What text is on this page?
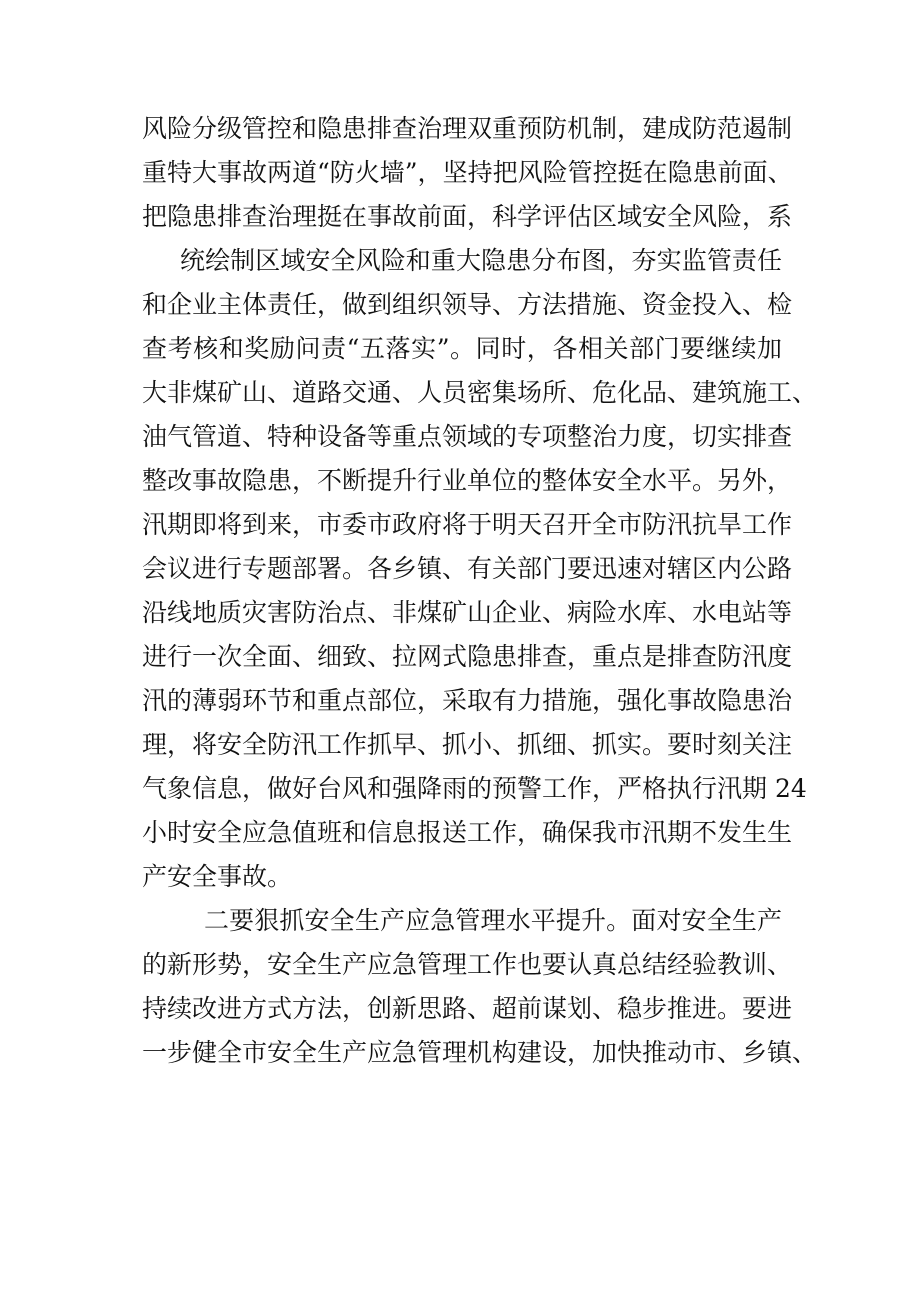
风险分级管控和隐患排查治理双重预防机制，建成防范遏制
重特大事故两道“防火墙”，坚持把风险管控挺在隐患前面、
把隐患排查治理挺在事故前面，科学评估区域安全风险，系
统绘制区域安全风险和重大隐患分布图，夯实监管责任
和企业主体责任，做到组织领导、方法措施、资金投入、检
查考核和奖励问责“五落实”。同时，各相关部门要继续加
大非煤矿山、道路交通、人员密集场所、危化品、建筑施工、
油气管道、特种设备等重点领域的专项整治力度，切实排查
整改事故隐患，不断提升行业单位的整体安全水平。另外，
汛期即将到来，市委市政府将于明天召开全市防汛抗旱工作
会议进行专题部署。各乡镇、有关部门要迅速对辖区内公路
沿线地质灾害防治点、非煤矿山企业、病险水库、水电站等
进行一次全面、细致、拉网式隐患排查，重点是排查防汛度
汛的薄弱环节和重点部位，采取有力措施，强化事故隐患治
理，将安全防汛工作抓早、抓小、抓细、抓实。要时刻关注
气象信息，做好台风和强降雨的预警工作，严格执行汛期 24
小时安全应急值班和信息报送工作，确保我市汛期不发生生
产安全事故。
二要狠抓安全生产应急管理水平提升。面对安全生产
的新形势，安全生产应急管理工作也要认真总结经验教训、
持续改进方式方法，创新思路、超前谋划、稳步推进。要进
一步健全市安全生产应急管理机构建设，加快推动市、乡镇、
